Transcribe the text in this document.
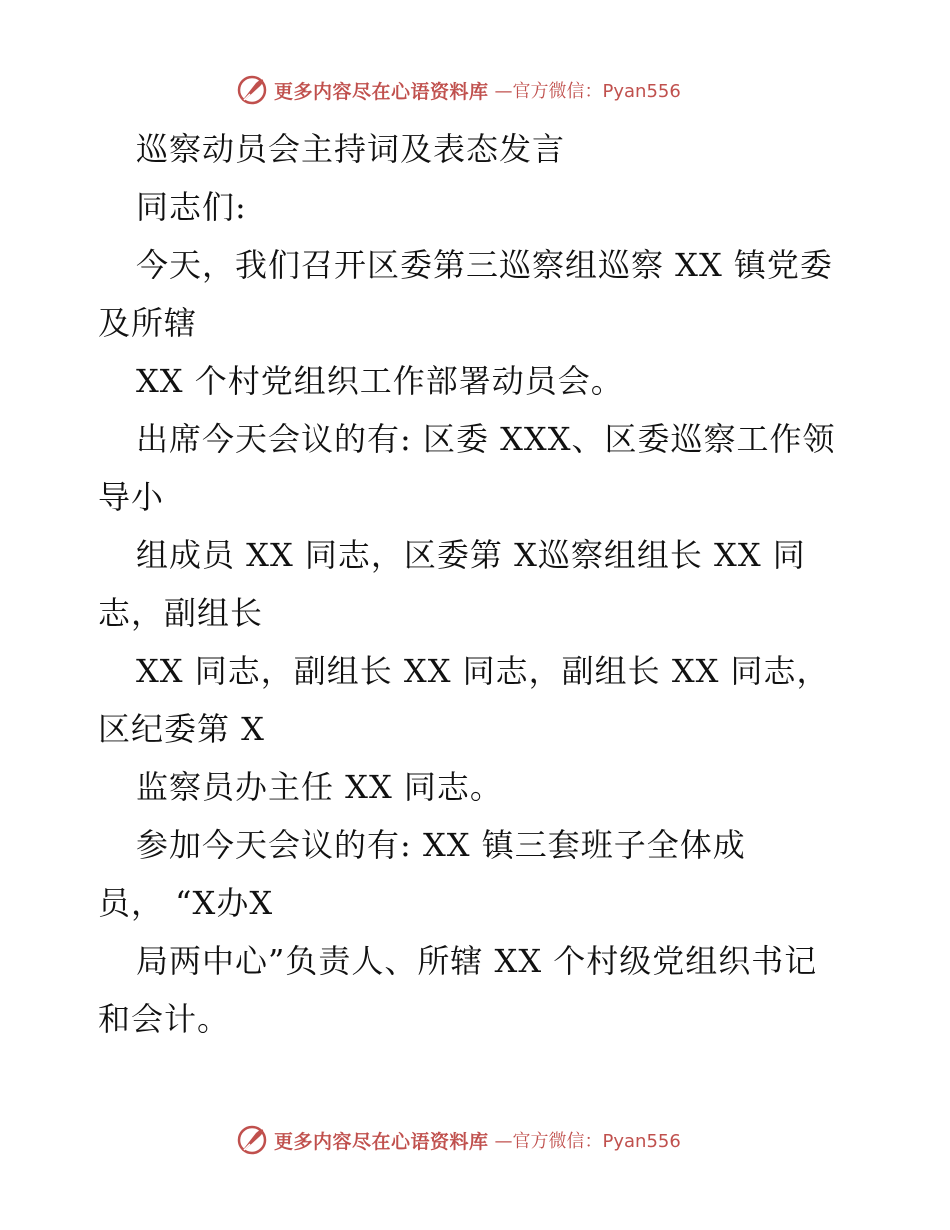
更多内容尽在心语资料库 —官方微信：Pyan556
巡察动员会主持词及表态发言
同志们:
今天，我们召开区委第三巡察组巡察 XX 镇党委
及所辖
XX 个村党组织工作部署动员会。
出席今天会议的有: 区委 XXX、区委巡察工作领
导小
组成员 XX 同志，区委第 X巡察组组长 XX 同
志，副组长
XX 同志，副组长 XX 同志，副组长 XX 同志，
区纪委第 X
监察员办主任 XX 同志。
参加今天会议的有: XX 镇三套班子全体成
员， “X办X
局两中心”负责人、所辖 XX 个村级党组织书记
和会计。
更多内容尽在心语资料库 —官方微信：Pyan556
